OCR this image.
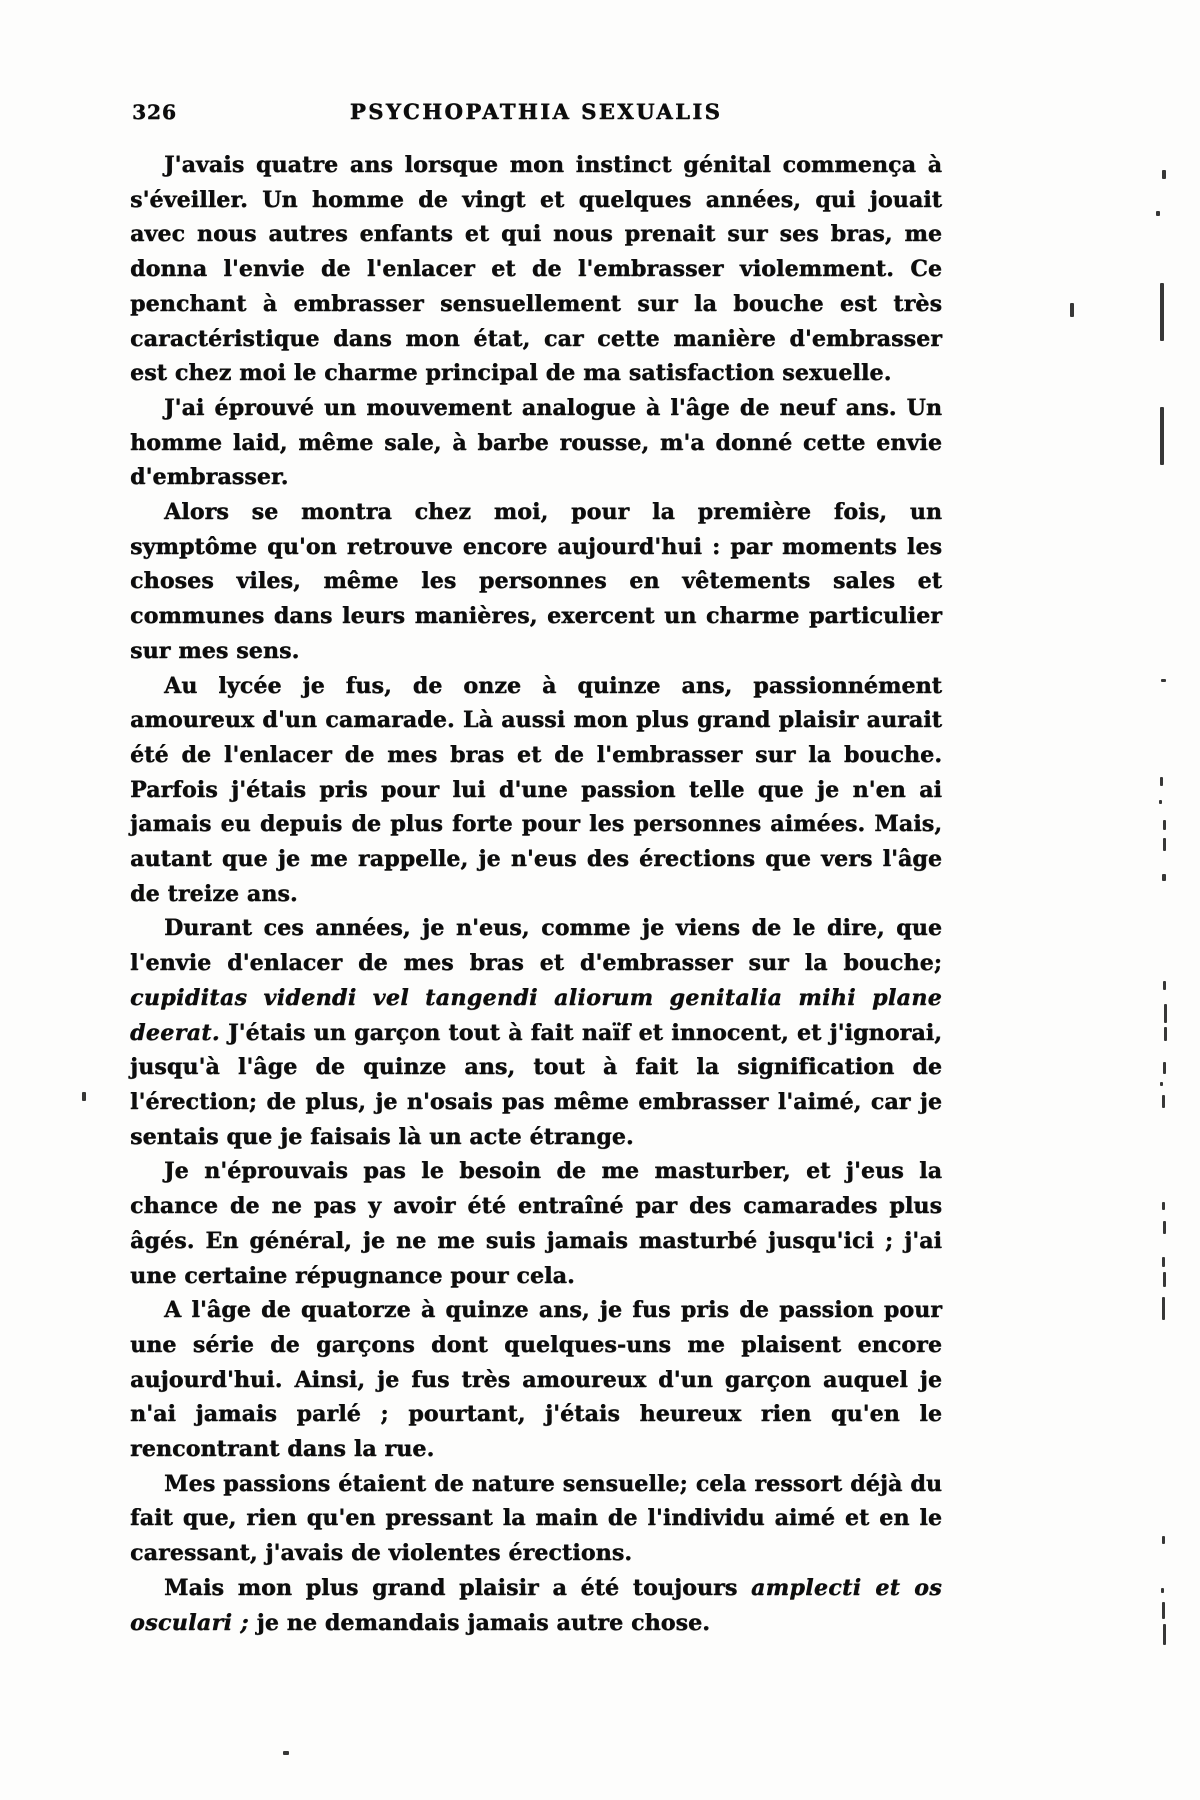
326	PSYCHOPATHIA SEXUALIS

J'avais quatre ans lorsque mon instinct génital commença à s'éveiller. Un homme de vingt et quelques années, qui jouait avec nous autres enfants et qui nous prenait sur ses bras, me donna l'envie de l'enlacer et de l'embrasser violemment. Ce penchant à embrasser sensuellement sur la bouche est très caractéristique dans mon état, car cette manière d'embrasser est chez moi le charme principal de ma satisfaction sexuelle.

J'ai éprouvé un mouvement analogue à l'âge de neuf ans. Un homme laid, même sale, à barbe rousse, m'a donné cette envie d'embrasser.

Alors se montra chez moi, pour la première fois, un symptôme qu'on retrouve encore aujourd'hui : par moments les choses viles, même les personnes en vêtements sales et communes dans leurs manières, exercent un charme particulier sur mes sens.

Au lycée je fus, de onze à quinze ans, passionnément amoureux d'un camarade. Là aussi mon plus grand plaisir aurait été de l'enlacer de mes bras et de l'embrasser sur la bouche. Parfois j'étais pris pour lui d'une passion telle que je n'en ai jamais eu depuis de plus forte pour les personnes aimées. Mais, autant que je me rappelle, je n'eus des érections que vers l'âge de treize ans.

Durant ces années, je n'eus, comme je viens de le dire, que l'envie d'enlacer de mes bras et d'embrasser sur la bouche; cupiditas videndi vel tangendi aliorum genitalia mihi plane deerat. J'étais un garçon tout à fait naïf et innocent, et j'ignorai, jusqu'à l'âge de quinze ans, tout à fait la signification de l'érection; de plus, je n'osais pas même embrasser l'aimé, car je sentais que je faisais là un acte étrange.

Je n'éprouvais pas le besoin de me masturber, et j'eus la chance de ne pas y avoir été entraîné par des camarades plus âgés. En général, je ne me suis jamais masturbé jusqu'ici ; j'ai une certaine répugnance pour cela.

A l'âge de quatorze à quinze ans, je fus pris de passion pour une série de garçons dont quelques-uns me plaisent encore aujourd'hui. Ainsi, je fus très amoureux d'un garçon auquel je n'ai jamais parlé ; pourtant, j'étais heureux rien qu'en le rencontrant dans la rue.

Mes passions étaient de nature sensuelle; cela ressort déjà du fait que, rien qu'en pressant la main de l'individu aimé et en le caressant, j'avais de violentes érections.

Mais mon plus grand plaisir a été toujours amplecti et os osculari ; je ne demandais jamais autre chose.
